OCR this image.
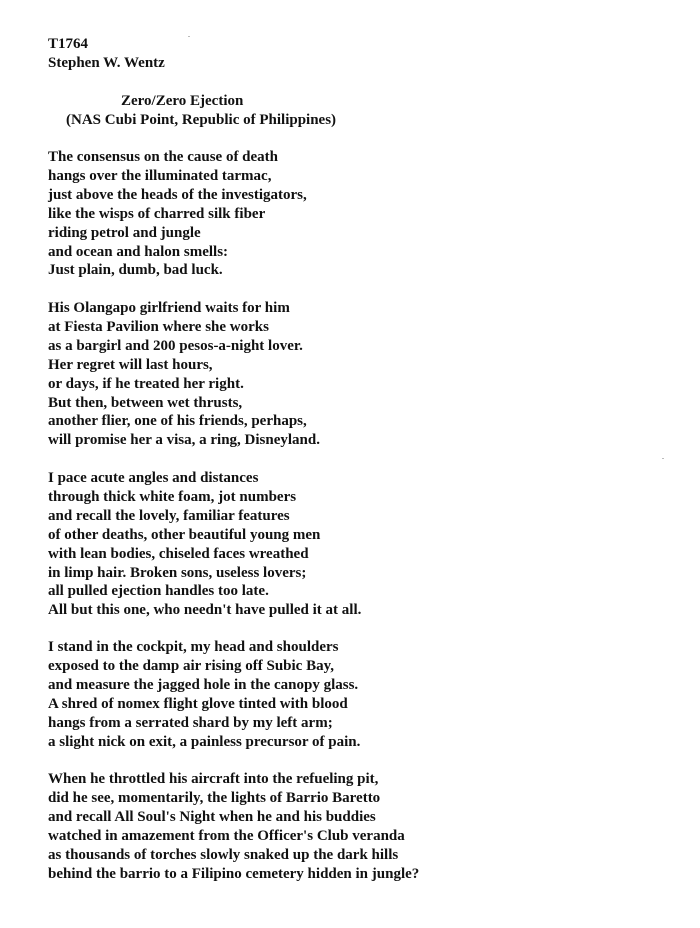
T1764
Stephen W. Wentz
Zero/Zero Ejection
(NAS Cubi Point, Republic of Philippines)
The consensus on the cause of death
hangs over the illuminated tarmac,
just above the heads of the investigators,
like the wisps of charred silk fiber
riding petrol and jungle
and ocean and halon smells:
Just plain, dumb, bad luck.
His Olangapo girlfriend waits for him
at Fiesta Pavilion where she works
as a bargirl and 200 pesos-a-night lover.
Her regret will last hours,
or days, if he treated her right.
But then, between wet thrusts,
another flier, one of his friends, perhaps,
will promise her a visa, a ring, Disneyland.
I pace acute angles and distances
through thick white foam, jot numbers
and recall the lovely, familiar features
of other deaths, other beautiful young men
with lean bodies, chiseled faces wreathed
in limp hair. Broken sons, useless lovers;
all pulled ejection handles too late.
All but this one, who needn't have pulled it at all.
I stand in the cockpit, my head and shoulders
exposed to the damp air rising off Subic Bay,
and measure the jagged hole in the canopy glass.
A shred of nomex flight glove tinted with blood
hangs from a serrated shard by my left arm;
a slight nick on exit, a painless precursor of pain.
When he throttled his aircraft into the refueling pit,
did he see, momentarily, the lights of Barrio Baretto
and recall All Soul's Night when he and his buddies
watched in amazement from the Officer's Club veranda
as thousands of torches slowly snaked up the dark hills
behind the barrio to a Filipino cemetery hidden in jungle?
